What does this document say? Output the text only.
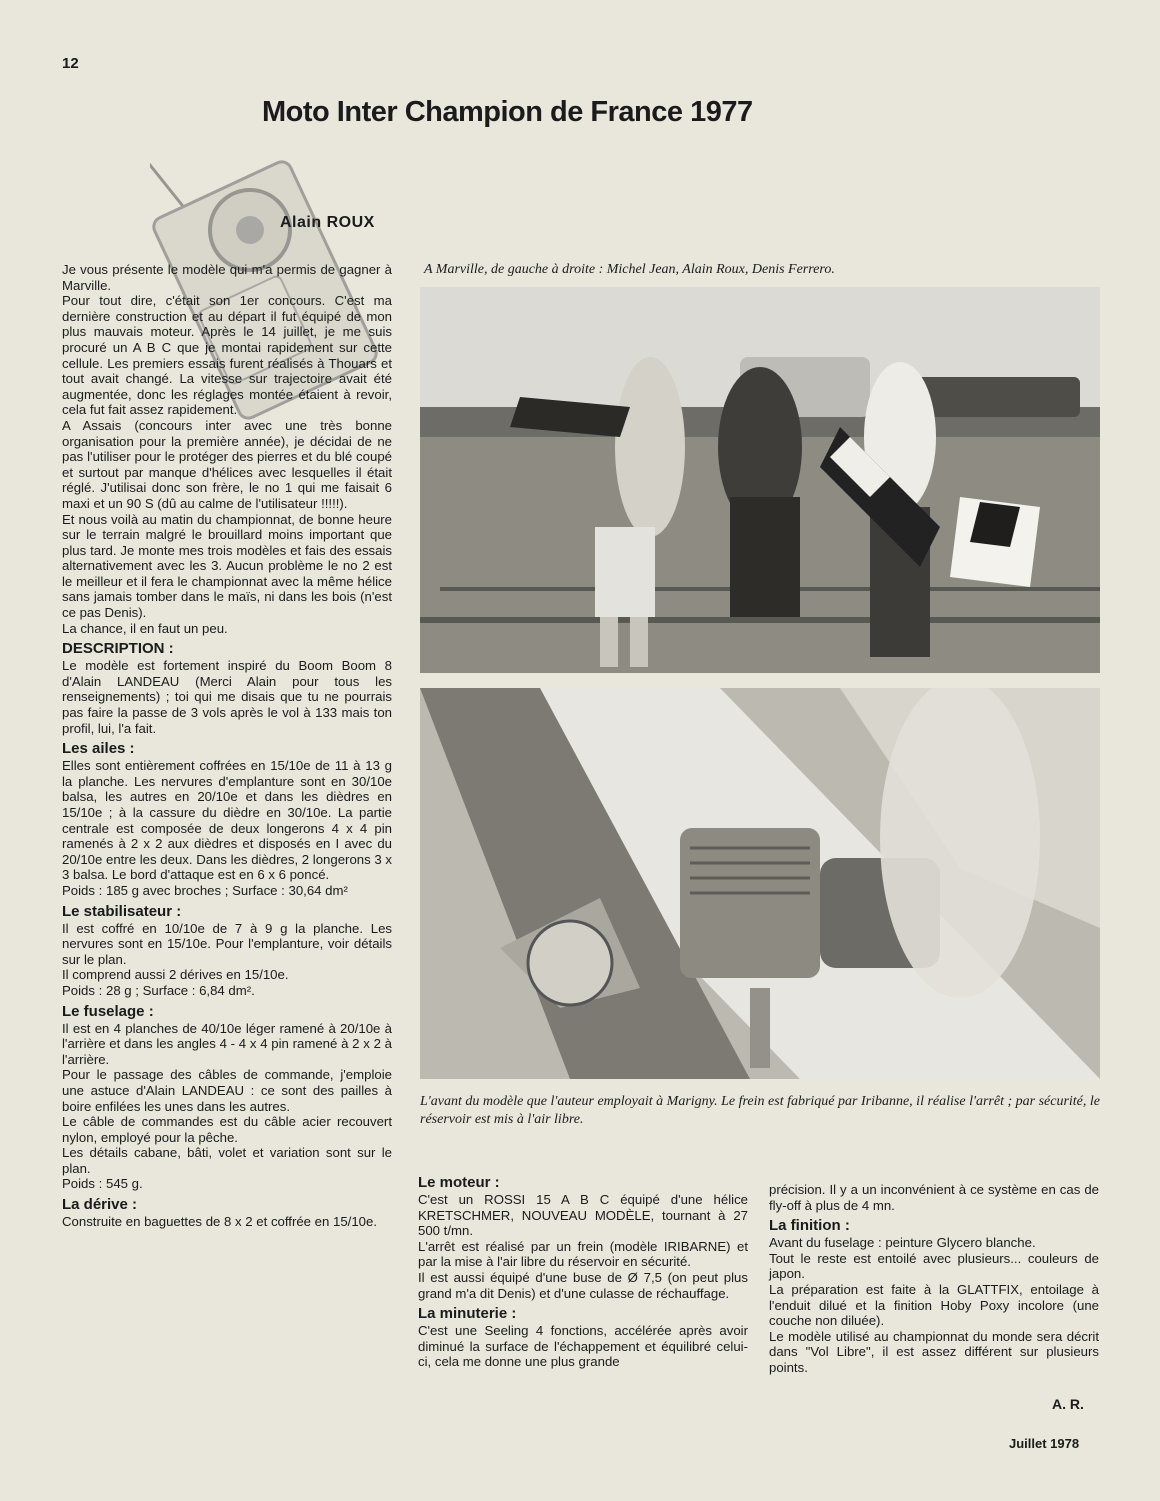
12
Moto Inter Champion de France 1977
Alain ROUX

Je vous présente le modèle qui m'a permis de gagner à Marville.

Pour tout dire, c'était son 1er concours. C'est ma dernière construction et au départ il fut équipé de mon plus mauvais moteur. Après le 14 juillet, je me suis procuré un A B C que je montai rapidement sur cette cellule. Les premiers essais furent réalisés à Thouars et tout avait changé. La vitesse sur trajectoire avait été augmentée, donc les réglages montée étaient à revoir, cela fut fait assez rapidement.

A Assais (concours inter avec une très bonne organisation pour la première année), je décidai de ne pas l'utiliser pour le protéger des pierres et du blé coupé et surtout par manque d'hélices avec lesquelles il était réglé. J'utilisai donc son frère, le no 1 qui me faisait 6 maxi et un 90 S (dû au calme de l'utilisateur !!!!!).

Et nous voilà au matin du championnat, de bonne heure sur le terrain malgré le brouillard moins important que plus tard. Je monte mes trois modèles et fais des essais alternativement avec les 3. Aucun problème le no 2 est le meilleur et il fera le championnat avec la même hélice sans jamais tomber dans le maïs, ni dans les bois (n'est ce pas Denis).

La chance, il en faut un peu.

DESCRIPTION :

Le modèle est fortement inspiré du Boom Boom 8 d'Alain LANDEAU (Merci Alain pour tous les renseignements) ; toi qui me disais que tu ne pourrais pas faire la passe de 3 vols après le vol à 133 mais ton profil, lui, l'a fait.

Les ailes :

Elles sont entièrement coffrées en 15/10e de 11 à 13 g la planche. Les nervures d'emplanture sont en 30/10e balsa, les autres en 20/10e et dans les dièdres en 15/10e ; à la cassure du dièdre en 30/10e. La partie centrale est composée de deux longerons 4 x 4 pin ramenés à 2 x 2 aux dièdres et disposés en I avec du 20/10e entre les deux. Dans les dièdres, 2 longerons 3 x 3 balsa. Le bord d'attaque est en 6 x 6 poncé.

Poids : 185 g avec broches ; Surface : 30,64 dm²

Le stabilisateur :

Il est coffré en 10/10e de 7 à 9 g la planche. Les nervures sont en 15/10e. Pour l'emplanture, voir détails sur le plan.

Il comprend aussi 2 dérives en 15/10e.

Poids : 28 g ; Surface : 6,84 dm².

Le fuselage :

Il est en 4 planches de 40/10e léger ramené à 20/10e à l'arrière et dans les angles 4 - 4 x 4 pin ramené à 2 x 2 à l'arrière.

Pour le passage des câbles de commande, j'emploie une astuce d'Alain LANDEAU : ce sont des pailles à boire enfilées les unes dans les autres.

Le câble de commandes est du câble acier recouvert nylon, employé pour la pêche.

Les détails cabane, bâti, volet et variation sont sur le plan.

Poids : 545 g.

La dérive :

Construite en baguettes de 8 x 2 et coffrée en 15/10e.

A Marville, de gauche à droite : Michel Jean, Alain Roux, Denis Ferrero.
L'avant du modèle que l'auteur employait à Marigny. Le frein est fabriqué par Iribanne, il réalise l'arrêt ; par sécurité, le réservoir est mis à l'air libre.
Le moteur :

C'est un ROSSI 15 A B C équipé d'une hélice KRETSCHMER, NOUVEAU MODÈLE, tournant à 27 500 t/mn.

L'arrêt est réalisé par un frein (modèle IRIBARNE) et par la mise à l'air libre du réservoir en sécurité.

Il est aussi équipé d'une buse de Ø 7,5 (on peut plus grand m'a dit Denis) et d'une culasse de réchauffage.

La minuterie :

C'est une Seeling 4 fonctions, accélérée après avoir diminué la surface de l'échappement et équilibré celui-ci, cela me donne une plus grande

précision. Il y a un inconvénient à ce système en cas de fly-off à plus de 4 mn.

La finition :

Avant du fuselage : peinture Glycero blanche.

Tout le reste est entoilé avec plusieurs... couleurs de japon.

La préparation est faite à la GLATTFIX, entoilage à l'enduit dilué et la finition Hoby Poxy incolore (une couche non diluée).

Le modèle utilisé au championnat du monde sera décrit dans "Vol Libre", il est assez différent sur plusieurs points.

A. R.
Juillet 1978
